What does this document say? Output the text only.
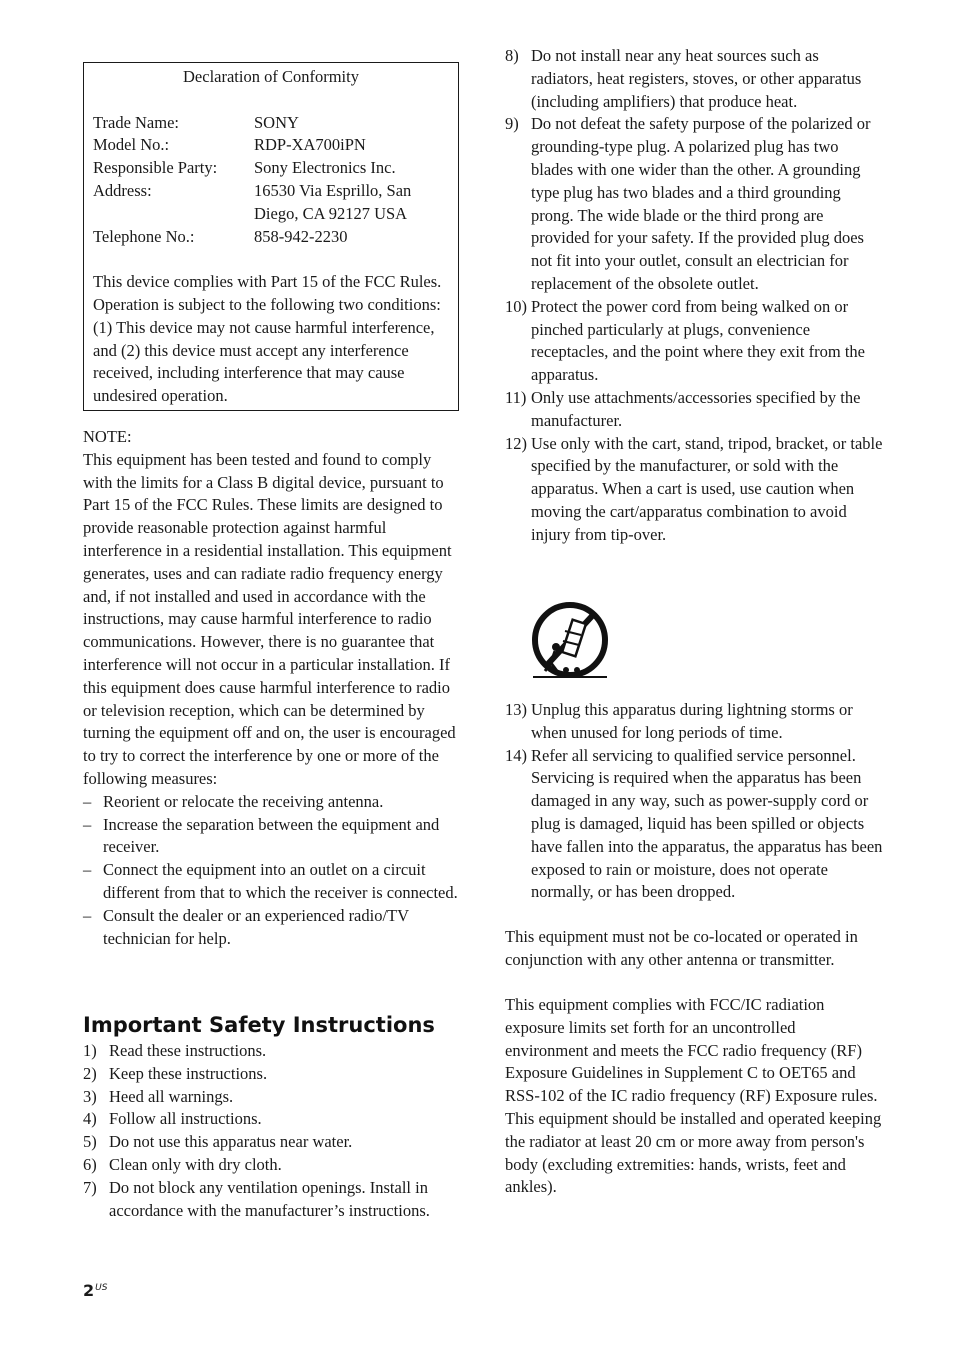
Declaration of Conformity
Trade Name:	SONY
Model No.:	RDP-XA700iPN
Responsible Party: Sony Electronics Inc.
Address:	16530 Via Esprillo, San Diego, CA 92127 USA
Telephone No.:	858-942-2230
This device complies with Part 15 of the FCC Rules. Operation is subject to the following two conditions: (1) This device may not cause harmful interference, and (2) this device must accept any interference received, including interference that may cause undesired operation.
NOTE:
This equipment has been tested and found to comply with the limits for a Class B digital device, pursuant to Part 15 of the FCC Rules. These limits are designed to provide reasonable protection against harmful interference in a residential installation. This equipment generates, uses and can radiate radio frequency energy and, if not installed and used in accordance with the instructions, may cause harmful interference to radio communications. However, there is no guarantee that interference will not occur in a particular installation. If this equipment does cause harmful interference to radio or television reception, which can be determined by turning the equipment off and on, the user is encouraged to try to correct the interference by one or more of the following measures:
– Reorient or relocate the receiving antenna.
– Increase the separation between the equipment and receiver.
– Connect the equipment into an outlet on a circuit different from that to which the receiver is connected.
– Consult the dealer or an experienced radio/TV technician for help.
Important Safety Instructions
1) Read these instructions.
2) Keep these instructions.
3) Heed all warnings.
4) Follow all instructions.
5) Do not use this apparatus near water.
6) Clean only with dry cloth.
7) Do not block any ventilation openings. Install in accordance with the manufacturer’s instructions.
8) Do not install near any heat sources such as radiators, heat registers, stoves, or other apparatus (including amplifiers) that produce heat.
9) Do not defeat the safety purpose of the polarized or grounding-type plug. A polarized plug has two blades with one wider than the other. A grounding type plug has two blades and a third grounding prong. The wide blade or the third prong are provided for your safety. If the provided plug does not fit into your outlet, consult an electrician for replacement of the obsolete outlet.
10) Protect the power cord from being walked on or pinched particularly at plugs, convenience receptacles, and the point where they exit from the apparatus.
11) Only use attachments/accessories specified by the manufacturer.
12) Use only with the cart, stand, tripod, bracket, or table specified by the manufacturer, or sold with the apparatus. When a cart is used, use caution when moving the cart/apparatus combination to avoid injury from tip-over.
13) Unplug this apparatus during lightning storms or when unused for long periods of time.
14) Refer all servicing to qualified service personnel. Servicing is required when the apparatus has been damaged in any way, such as power-supply cord or plug is damaged, liquid has been spilled or objects have fallen into the apparatus, the apparatus has been exposed to rain or moisture, does not operate normally, or has been dropped.
This equipment must not be co-located or operated in conjunction with any other antenna or transmitter.
This equipment complies with FCC/IC radiation exposure limits set forth for an uncontrolled environment and meets the FCC radio frequency (RF) Exposure Guidelines in Supplement C to OET65 and RSS-102 of the IC radio frequency (RF) Exposure rules.
This equipment should be installed and operated keeping the radiator at least 20 cm or more away from person's body (excluding extremities: hands, wrists, feet and ankles).
$2^{US}$
